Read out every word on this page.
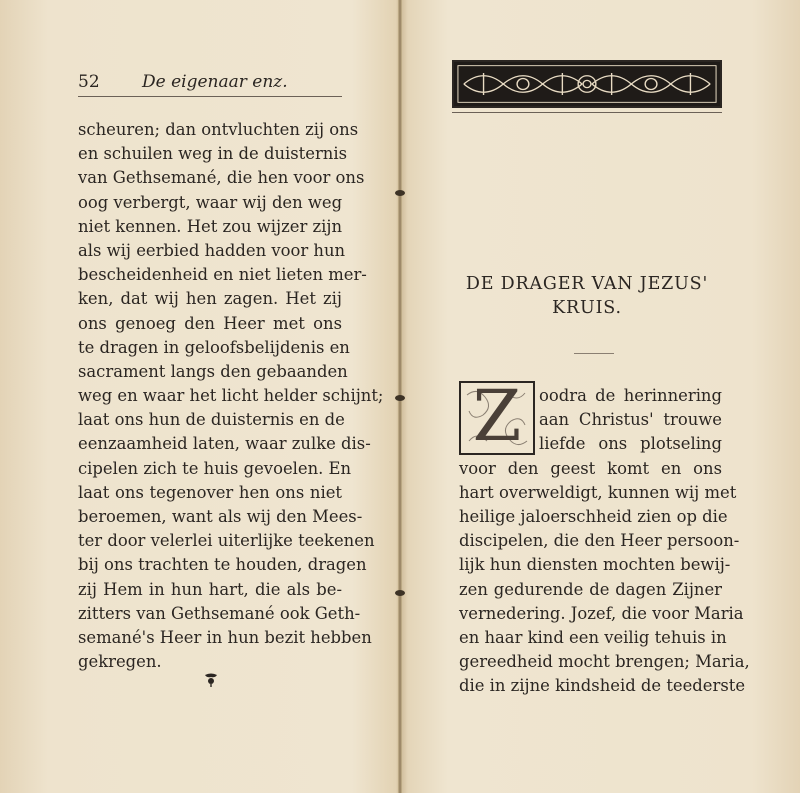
52 De eigenaar enz.
scheuren; dan ontvluchten zij ons
en schuilen weg in de duisternis
van Gethsemané, die hen voor ons
oog verbergt, waar wij den weg
niet kennen. Het zou wijzer zijn
als wij eerbied hadden voor hun
bescheidenheid en niet lieten mer-
ken, dat wij hen zagen. Het zij
ons genoeg den Heer met ons
te dragen in geloofsbelijdenis en
sacrament langs den gebaanden
weg en waar het licht helder schijnt;
laat ons hun de duisternis en de
eenzaamheid laten, waar zulke dis-
cipelen zich te huis gevoelen. En
laat ons tegenover hen ons niet
beroemen, want als wij den Mees-
ter door velerlei uiterlijke teekenen
bij ons trachten te houden, dragen
zij Hem in hun hart, die als be-
zitters van Gethsemané ook Geth-
semané's Heer in hun bezit hebben
gekregen.
DE DRAGER VAN JEZUS'
KRUIS.
Z	oodra de herinnering
aan Christus' trouwe
liefde ons plotseling
voor den geest komt en ons
hart overweldigt, kunnen wij met
heilige jaloerschheid zien op die
discipelen, die den Heer persoon-
lijk hun diensten mochten bewij-
zen gedurende de dagen Zijner
vernedering. Jozef, die voor Maria
en haar kind een veilig tehuis in
gereedheid mocht brengen; Maria,
die in zijne kindsheid de teederste
